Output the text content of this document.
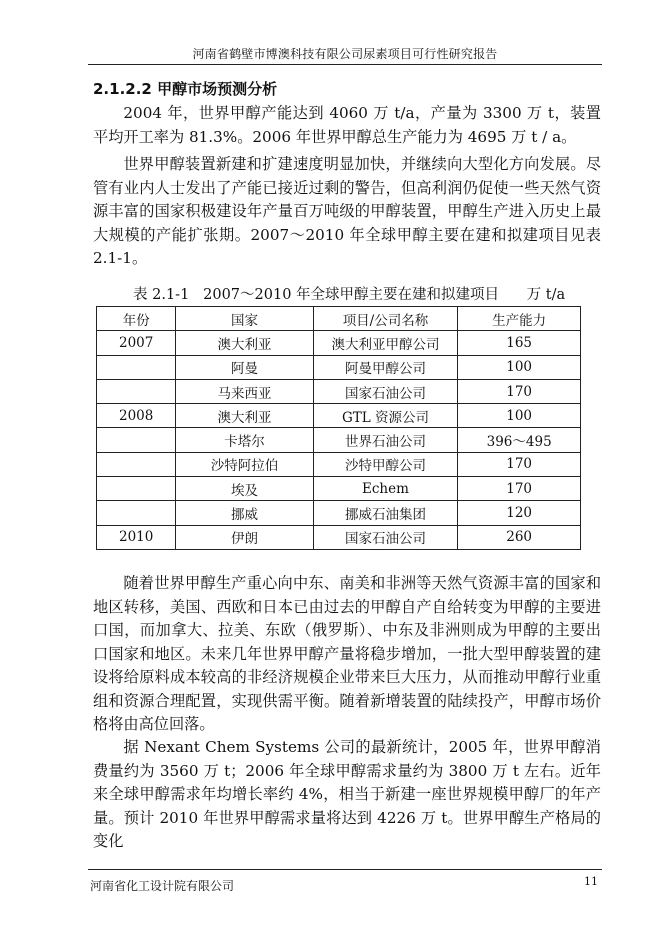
河南省鹤壁市博澳科技有限公司尿素项目可行性研究报告
2.1.2.2 甲醇市场预测分析

2004 年，世界甲醇产能达到 4060 万 t/a，产量为 3300 万 t，装置平均开工率为 81.3%。2006 年世界甲醇总生产能力为 4695 万 t / a。

世界甲醇装置新建和扩建速度明显加快，并继续向大型化方向发展。尽管有业内人士发出了产能已接近过剩的警告，但高利润仍促使一些天然气资源丰富的国家积极建设年产量百万吨级的甲醇装置，甲醇生产进入历史上最大规模的产能扩张期。2007～2010 年全球甲醇主要在建和拟建项目见表 2.1-1。

表 2.1-1   2007～2010 年全球甲醇主要在建和拟建项目      万 t/a
年份	国家	项目/公司名称	生产能力
2007	澳大利亚	澳大利亚甲醇公司	165
	阿曼	阿曼甲醇公司	100
	马来西亚	国家石油公司	170
2008	澳大利亚	GTL 资源公司	100
	卡塔尔	世界石油公司	396～495
	沙特阿拉伯	沙特甲醇公司	170
	埃及	Echem	170
	挪威	挪威石油集团	120
2010	伊朗	国家石油公司	260

随着世界甲醇生产重心向中东、南美和非洲等天然气资源丰富的国家和地区转移，美国、西欧和日本已由过去的甲醇自产自给转变为甲醇的主要进口国，而加拿大、拉美、东欧（俄罗斯）、中东及非洲则成为甲醇的主要出口国家和地区。未来几年世界甲醇产量将稳步增加，一批大型甲醇装置的建设将给原料成本较高的非经济规模企业带来巨大压力，从而推动甲醇行业重组和资源合理配置，实现供需平衡。随着新增装置的陆续投产，甲醇市场价格将由高位回落。

据 Nexant Chem Systems 公司的最新统计，2005 年，世界甲醇消费量约为 3560 万 t；2006 年全球甲醇需求量约为 3800 万 t 左右。近年来全球甲醇需求年均增长率约 4%，相当于新建一座世界规模甲醇厂的年产量。预计 2010 年世界甲醇需求量将达到 4226 万 t。世界甲醇生产格局的变化

河南省化工设计院有限公司	11
